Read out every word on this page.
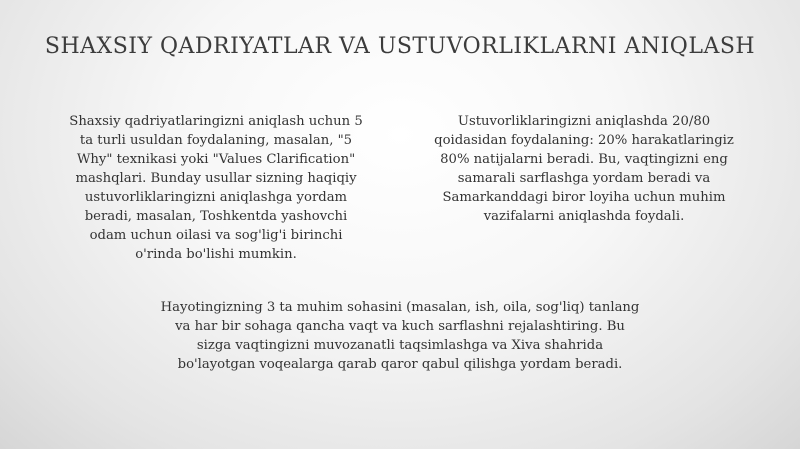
SHAXSIY QADRIYATLAR VA USTUVORLIKLARNI ANIQLASH
Shaxsiy qadriyatlaringizni aniqlash uchun 5
ta turli usuldan foydalaning, masalan, "5
Why" texnikasi yoki "Values Clarification"
mashqlari. Bunday usullar sizning haqiqiy
ustuvorliklaringizni aniqlashga yordam
beradi, masalan, Toshkentda yashovchi
odam uchun oilasi va sog'lig'i birinchi
o'rinda bo'lishi mumkin.
Ustuvorliklaringizni aniqlashda 20/80
qoidasidan foydalaning: 20% harakatlaringiz
80% natijalarni beradi. Bu, vaqtingizni eng
samarali sarflashga yordam beradi va
Samarkanddagi biror loyiha uchun muhim
vazifalarni aniqlashda foydali.
Hayotingizning 3 ta muhim sohasini (masalan, ish, oila, sog'liq) tanlang
va har bir sohaga qancha vaqt va kuch sarflashni rejalashtiring. Bu
sizga vaqtingizni muvozanatli taqsimlashga va Xiva shahrida
bo'layotgan voqealarga qarab qaror qabul qilishga yordam beradi.
